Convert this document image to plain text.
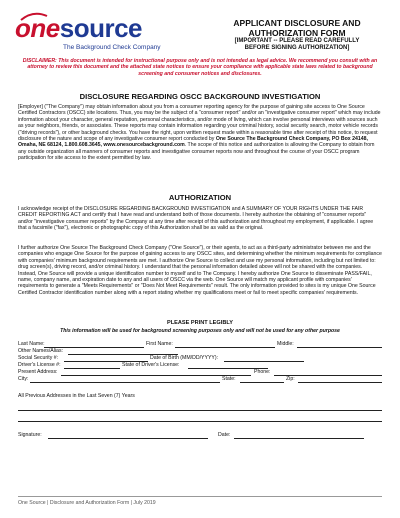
onesource
The Background Check Company
APPLICANT DISCLOSURE AND
AUTHORIZATION FORM
[IMPORTANT -- PLEASE READ CAREFULLY
BEFORE SIGNING AUTHORIZATION]
DISCLAIMER: This document is intended for instructional purpose only and is not intended as legal advice. We recommend you consult with an attorney to review this document and the attached state notices to ensure your compliance with applicable state laws related to background screening and consumer notices and disclosures.
DISCLOSURE REGARDING OSCC BACKGROUND INVESTIGATION
[Employer] ("The Company") may obtain information about you from a consumer reporting agency for the purpose of gaining site access to One Source Certified Contractors (OSCC) site locations. Thus, you may be the subject of a "consumer report" and/or an "investigative consumer report" which may include information about your character, general reputation, personal characteristics, and/or mode of living, which can involve personal interviews with sources such as your neighbors, friends, or associates. These reports may contain information regarding your criminal history, social security search, motor vehicle records ("driving records"), or other background checks. You have the right, upon written request made within a reasonable time after receipt of this notice, to request disclosure of the nature and scope of any investigative consumer report conducted by One Source The Background Check Company, PO Box 24148, Omaha, NE 68124, 1.800.608.3645, www.onesourcebackground.com. The scope of this notice and authorization is allowing the Company to obtain from any outside organization all manners of consumer reports and investigative consumer reports now and throughout the course of your OSCC program participation for site access to the extent permitted by law.
AUTHORIZATION
I acknowledge receipt of the DISCLOSURE REGARDING BACKGROUND INVESTIGATION and A SUMMARY OF YOUR RIGHTS UNDER THE FAIR CREDIT REPORTING ACT and certify that I have read and understand both of those documents. I hereby authorize the obtaining of "consumer reports" and/or "investigative consumer reports" by the Company at any time after receipt of this authorization and throughout my employment, if applicable. I agree that a facsimile ("fax"), electronic or photographic copy of this Authorization shall be as valid as the original.
I further authorize One Source The Background Check Company ("One Source"), or their agents, to act as a third-party administrator between me and the companies who engage One Source for the purpose of gaining access to any OSCC sites, and determining whether the minimum requirements for compliance with companies' minimum background requirements are met. I authorize One Source to collect and use my personal information, including but not limited to: drug screen(s), driving record, and/or criminal history. I understand that the personal information detailed above will not be shared with the companies. Instead, One Source will provide a unique identification number to myself and to The Company. I hereby authorize One Source to disseminate PASS/FAIL, name, company name, and expiration date to any and all users of OSCC via the web. One Source will match my applicant profile with companies' requirements to generate a "Meets Requirements" or "Does Not Meet Requirements" result. The only information provided to sites is my unique One Source Certified Contractor identification number along with a report stating whether my qualifications meet or fail to meet specific companies' requirements.
PLEASE PRINT LEGIBLY
This information will be used for background screening purposes only and will not be used for any other purpose
Last Name:	First Name:	Middle:
Other Names/Alias:
Social Security #:	Date of Birth (MM/DD/YYYY):
Driver's License #:	State of Driver's License:
Present Address:	Phone:
City:	State:	Zip:
All Previous Addresses in the Last Seven (7) Years
Signature:	Date:
One Source | Disclosure and Authorization Form | July 2019
